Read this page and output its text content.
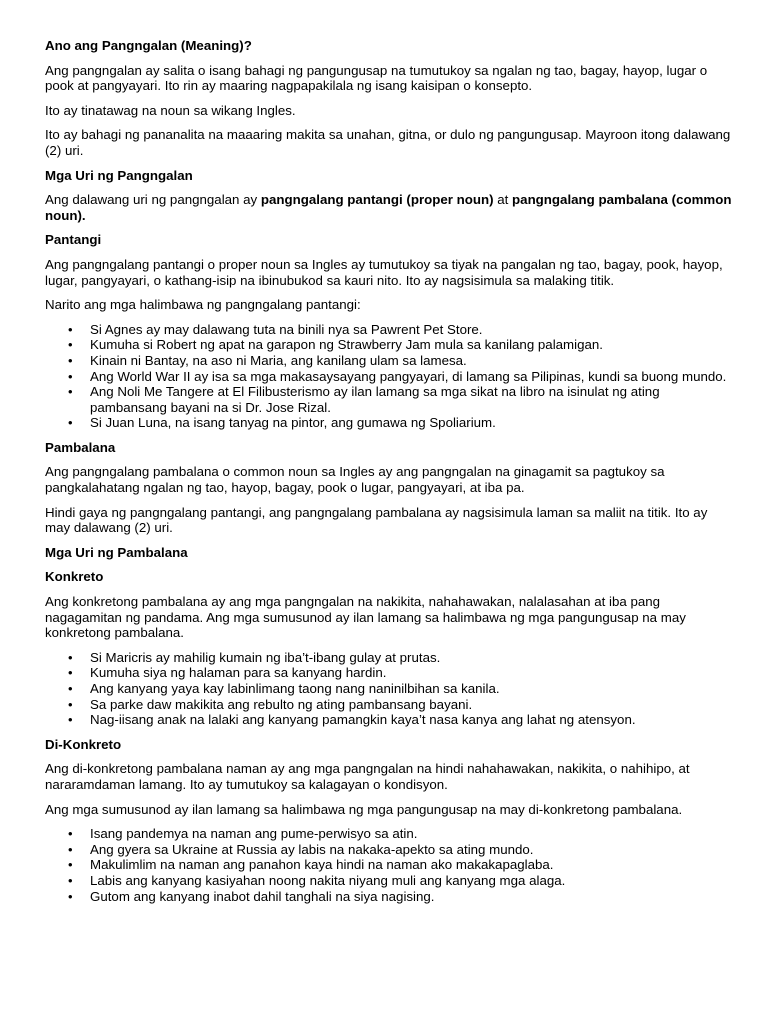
Ano ang Pangngalan (Meaning)?

Ang pangngalan ay salita o isang bahagi ng pangungusap na tumutukoy sa ngalan ng tao, bagay, hayop, lugar o pook at pangyayari. Ito rin ay maaring nagpapakilala ng isang kaisipan o konsepto.

Ito ay tinatawag na noun sa wikang Ingles.

Ito ay bahagi ng pananalita na maaaring makita sa unahan, gitna, or dulo ng pangungusap. Mayroon itong dalawang (2) uri.

Mga Uri ng Pangngalan

Ang dalawang uri ng pangngalan ay pangngalang pantangi (proper noun) at pangngalang pambalana (common noun).

Pantangi

Ang pangngalang pantangi o proper noun sa Ingles ay tumutukoy sa tiyak na pangalan ng tao, bagay, pook, hayop, lugar, pangyayari, o kathang-isip na ibinubukod sa kauri nito. Ito ay nagsisimula sa malaking titik.

Narito ang mga halimbawa ng pangngalang pantangi:

• Si Agnes ay may dalawang tuta na binili nya sa Pawrent Pet Store.
• Kumuha si Robert ng apat na garapon ng Strawberry Jam mula sa kanilang palamigan.
• Kinain ni Bantay, na aso ni Maria, ang kanilang ulam sa lamesa.
• Ang World War II ay isa sa mga makasaysayang pangyayari, di lamang sa Pilipinas, kundi sa buong mundo.
• Ang Noli Me Tangere at El Filibusterismo ay ilan lamang sa mga sikat na libro na isinulat ng ating pambansang bayani na si Dr. Jose Rizal.
• Si Juan Luna, na isang tanyag na pintor, ang gumawa ng Spoliarium.
Pambalana

Ang pangngalang pambalana o common noun sa Ingles ay ang pangngalan na ginagamit sa pagtukoy sa pangkalahatang ngalan ng tao, hayop, bagay, pook o lugar, pangyayari, at iba pa.

Hindi gaya ng pangngalang pantangi, ang pangngalang pambalana ay nagsisimula laman sa maliit na titik. Ito ay may dalawang (2) uri.

Mga Uri ng Pambalana
Konkreto

Ang konkretong pambalana ay ang mga pangngalan na nakikita, nahahawakan, nalalasahan at iba pang nagagamitan ng pandama. Ang mga sumusunod ay ilan lamang sa halimbawa ng mga pangungusap na may konkretong pambalana.

• Si Maricris ay mahilig kumain ng iba’t-ibang gulay at prutas.
• Kumuha siya ng halaman para sa kanyang hardin.
• Ang kanyang yaya kay labinlimang taong nang naninilbihan sa kanila.
• Sa parke daw makikita ang rebulto ng ating pambansang bayani.
• Nag-iisang anak na lalaki ang kanyang pamangkin kaya’t nasa kanya ang lahat ng atensyon.
Di-Konkreto

Ang di-konkretong pambalana naman ay ang mga pangngalan na hindi nahahawakan, nakikita, o nahihipo, at nararamdaman lamang. Ito ay tumutukoy sa kalagayan o kondisyon.

Ang mga sumusunod ay ilan lamang sa halimbawa ng mga pangungusap na may di-konkretong pambalana.

• Isang pandemya na naman ang pume-perwisyo sa atin.
• Ang gyera sa Ukraine at Russia ay labis na nakaka-apekto sa ating mundo.
• Makulimlim na naman ang panahon kaya hindi na naman ako makakapaglaba.
• Labis ang kanyang kasiyahan noong nakita niyang muli ang kanyang mga alaga.
• Gutom ang kanyang inabot dahil tanghali na siya nagising.
